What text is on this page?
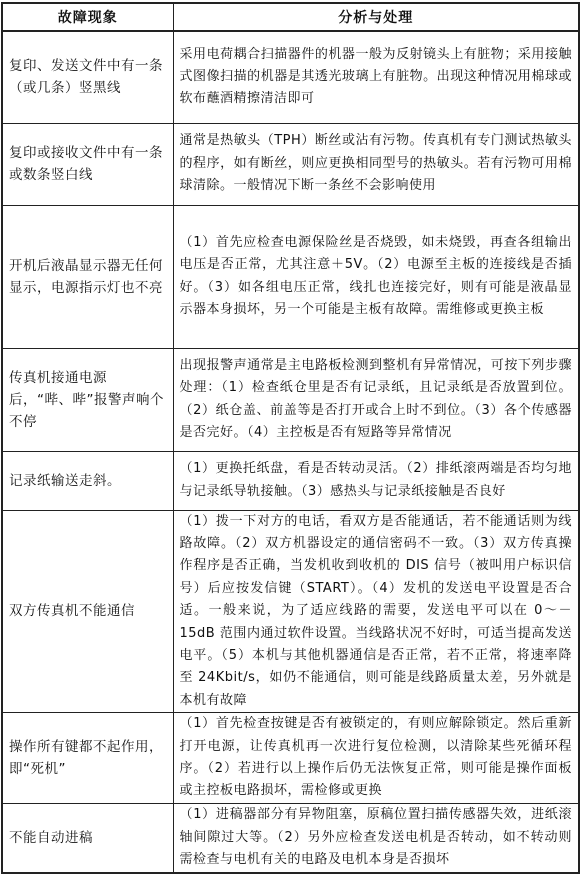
故障现象	分析与处理
复印、发送文件中有一条（或几条）竖黑线	采用电荷耦合扫描器件的机器一般为反射镜头上有脏物；采用接触式图像扫描的机器是其透光玻璃上有脏物。出现这种情况用棉球或软布蘸酒精擦清洁即可
复印或接收文件中有一条或数条竖白线	通常是热敏头（TPH）断丝或沾有污物。传真机有专门测试热敏头的程序，如有断丝，则应更换相同型号的热敏头。若有污物可用棉球清除。一般情况下断一条丝不会影响使用
开机后液晶显示器无任何显示，电源指示灯也不亮	（1）首先应检查电源保险丝是否烧毁，如未烧毁，再查各组输出电压是否正常，尤其注意＋5V。（2）电源至主板的连接线是否插好。（3）如各组电压正常，线扎也连接完好，则有可能是液晶显示器本身损坏，另一个可能是主板有故障。需维修或更换主板
传真机接通电源后，“哔、哔”报警声响个不停	出现报警声通常是主电路板检测到整机有异常情况，可按下列步骤处理：（1）检查纸仓里是否有记录纸，且记录纸是否放置到位。（2）纸仓盖、前盖等是否打开或合上时不到位。（3）各个传感器是否完好。（4）主控板是否有短路等异常情况
记录纸输送走斜。	（1）更换托纸盘，看是否转动灵活。（2）排纸滚两端是否均匀地与记录纸导轨接触。（3）感热头与记录纸接触是否良好
双方传真机不能通信	（1）拨一下对方的电话，看双方是否能通话，若不能通话则为线路故障。（2）双方机器设定的通信密码不一致。（3）双方传真操作程序是否正确，当发机收到收机的 DIS 信号（被叫用户标识信号）后应按发信键（START）。（4）发机的发送电平设置是否合适。一般来说，为了适应线路的需要，发送电平可以在 0～－15dB 范围内通过软件设置。当线路状况不好时，可适当提高发送电平。（5）本机与其他机器通信是否正常，若不正常，将速率降至 24Kbit/s，如仍不能通信，则可能是线路质量太差，另外就是本机有故障
操作所有键都不起作用，即“死机”	（1）首先检查按键是否有被锁定的，有则应解除锁定。然后重新打开电源，让传真机再一次进行复位检测，以清除某些死循环程序。（2）若进行以上操作后仍无法恢复正常，则可能是操作面板或主控板电路损坏，需检修或更换
不能自动进稿	（1）进稿器部分有异物阻塞，原稿位置扫描传感器失效，进纸滚轴间隙过大等。（2）另外应检查发送电机是否转动，如不转动则需检查与电机有关的电路及电机本身是否损坏
